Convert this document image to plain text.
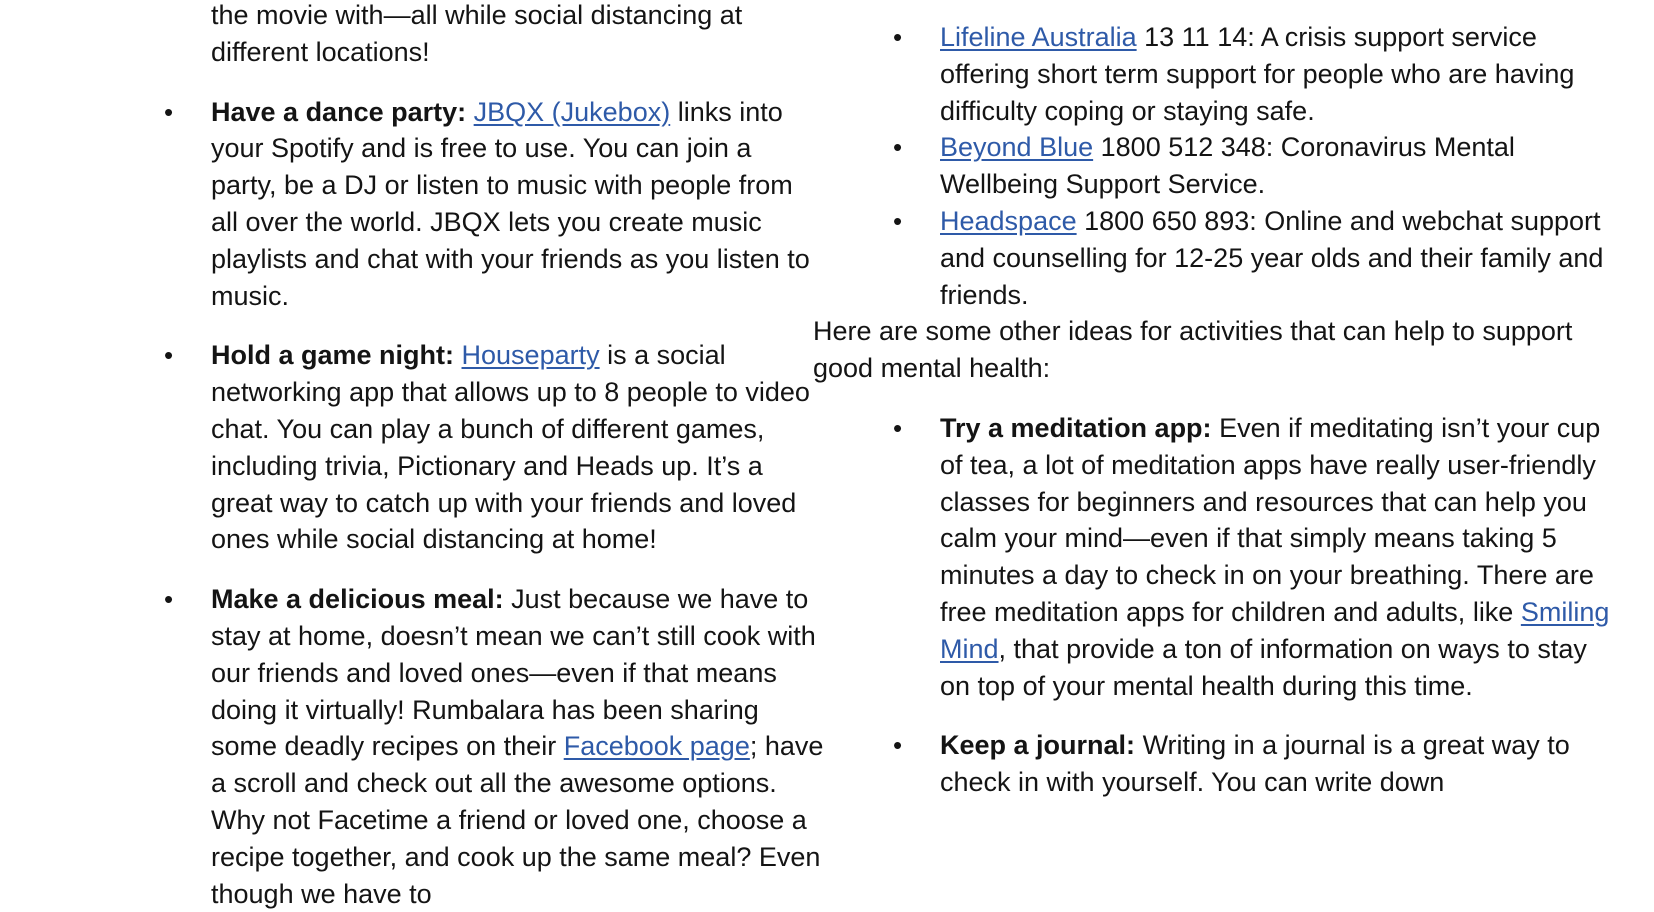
the movie with—all while social distancing at different locations!
• Have a dance party: JBQX (Jukebox) links into your Spotify and is free to use. You can join a party, be a DJ or listen to music with people from all over the world. JBQX lets you create music playlists and chat with your friends as you listen to music.
• Hold a game night: Houseparty is a social networking app that allows up to 8 people to video chat. You can play a bunch of different games, including trivia, Pictionary and Heads up. It’s a great way to catch up with your friends and loved ones while social distancing at home!
• Make a delicious meal: Just because we have to stay at home, doesn’t mean we can’t still cook with our friends and loved ones—even if that means doing it virtually! Rumbalara has been sharing some deadly recipes on their Facebook page; have a scroll and check out all the awesome options. Why not Facetime a friend or loved one, choose a recipe together, and cook up the same meal? Even though we have to
• Lifeline Australia 13 11 14: A crisis support service offering short term support for people who are having difficulty coping or staying safe.
• Beyond Blue 1800 512 348: Coronavirus Mental Wellbeing Support Service.
• Headspace 1800 650 893: Online and webchat support and counselling for 12-25 year olds and their family and friends.

Here are some other ideas for activities that can help to support good mental health:

• Try a meditation app: Even if meditating isn’t your cup of tea, a lot of meditation apps have really user-friendly classes for beginners and resources that can help you calm your mind—even if that simply means taking 5 minutes a day to check in on your breathing. There are free meditation apps for children and adults, like Smiling Mind, that provide a ton of information on ways to stay on top of your mental health during this time.
• Keep a journal: Writing in a journal is a great way to check in with yourself. You can write down
